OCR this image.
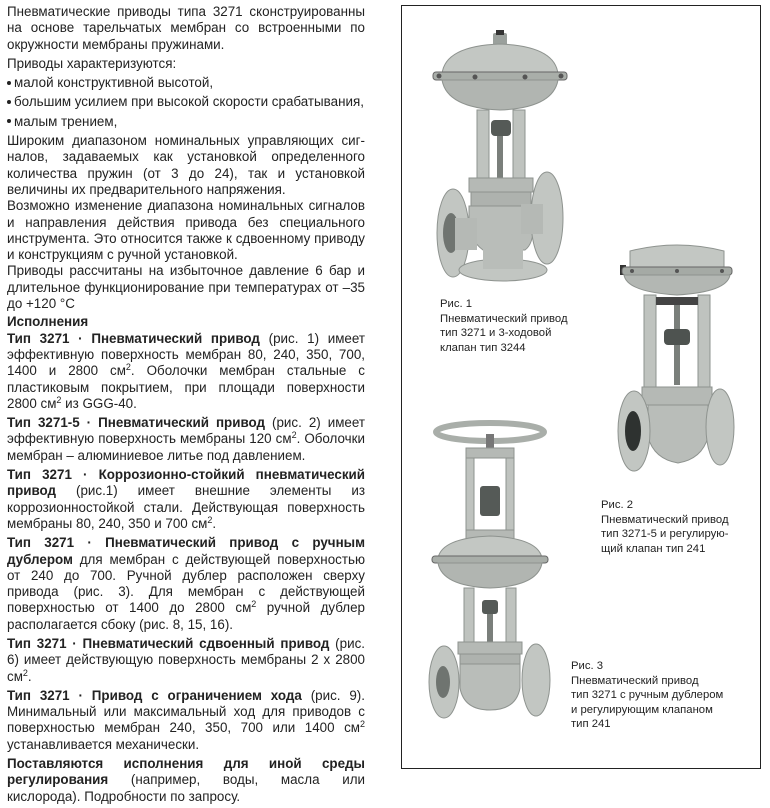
Пневматические приводы типа 3271 сконструированны на основе тарельчатых мембран со встроенными по окружности мембраны пружинами.

Приводы характеризуются:

малой конструктивной высотой,
большим усилием при высокой скорости срабатывания,
малым трением,

Широким диапазоном номинальных управляющих сиг-налов, задаваемых как установкой определенного количества пружин (от 3 до 24), так и установкой величины их предварительного напряжения.

Возможно изменение диапазона номинальных сигналов и направления действия привода без специального инструмента. Это относится также к сдвоенному приводу и конструкциям с ручной установкой.

Приводы рассчитаны на избыточное давление 6 бар и длительное функционирование при температурах от –35 до +120 °С

Исполнения

Тип 3271 · Пневматический привод (рис. 1) имеет эффективную поверхность мембран 80, 240, 350, 700, 1400 и 2800 $см^2$. Оболочки мембран стальные с пластиковым покрытием, при площади поверхности 2800 $см^2$ из GGG-40.

Тип 3271-5 · Пневматический привод (рис. 2) имеет эффективную поверхность мембраны 120 $см^2$. Оболочки мембран – алюминиевое литье под давлением.

Тип 3271 · Коррозионно-стойкий пневматический привод (рис.1) имеет внешние элементы из коррозионностойкой стали. Действующая поверхность мембраны 80, 240, 350 и 700 $см^2$.

Тип 3271 · Пневматический привод с ручным дублером для мембран с действующей поверхностью от 240 до 700. Ручной дублер расположен сверху привода (рис. 3). Для мембран с действующей поверхностью от 1400 до 2800 $см^2$ ручной дублер располагается сбоку (рис. 8, 15, 16).

Тип 3271 · Пневматический сдвоенный привод (рис. 6) имеет действующую поверхность мембраны 2 x 2800 $см^2$.

Тип 3271 · Привод с ограничением хода (рис. 9). Минимальный или максимальный ход для приводов с поверхностью мембран 240, 350, 700 или 1400 $см^2$ устанавливается механически.

Поставляются исполнения для иной среды регулирования (например, воды, масла или кислорода). Подробности по запросу.

Рис. 1
Пневматический привод
тип 3271 и 3-ходовой
клапан тип 3244
Рис. 2
Пневматический привод
тип 3271-5 и регулирую-
щий клапан тип 241
Рис. 3
Пневматический привод
тип 3271 с ручным дублером
и регулирующим клапаном
тип 241
